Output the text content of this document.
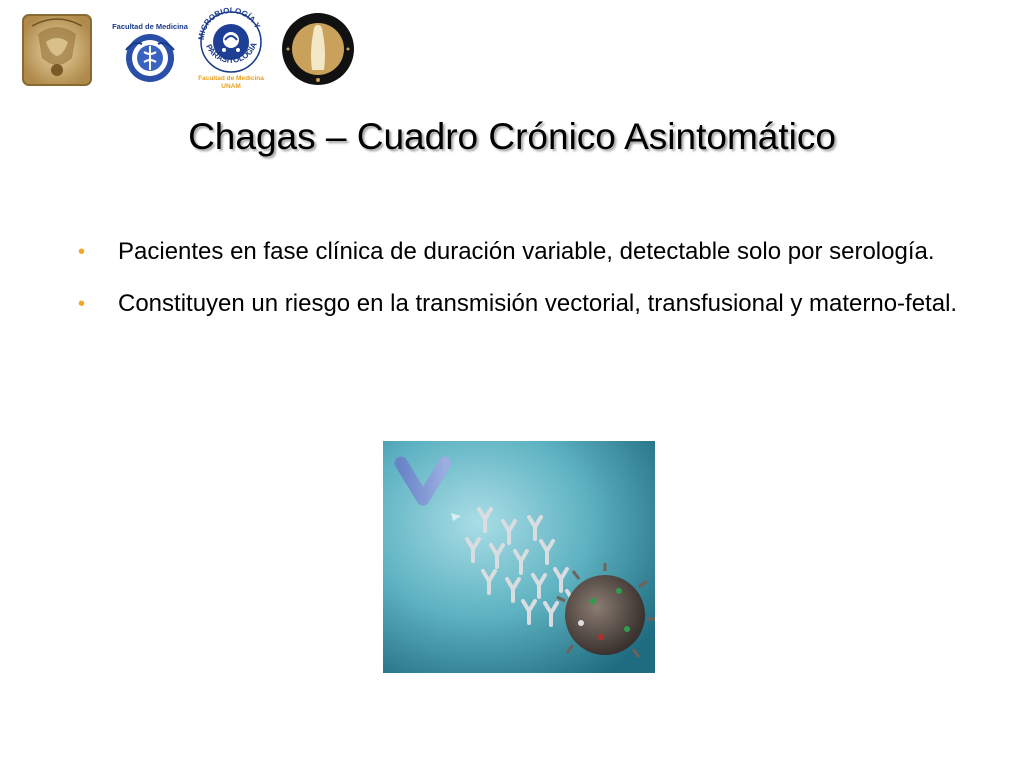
Facultad de Medicina
MICROBIOLOGÍA Y
PARASITOLOGÍA
Facultad de Medicina
UNAM
Chagas – Cuadro Crónico Asintomático
• Pacientes en fase clínica de duración variable, detectable solo por serología.
• Constituyen un riesgo en la transmisión vectorial, transfusional y materno-fetal.
